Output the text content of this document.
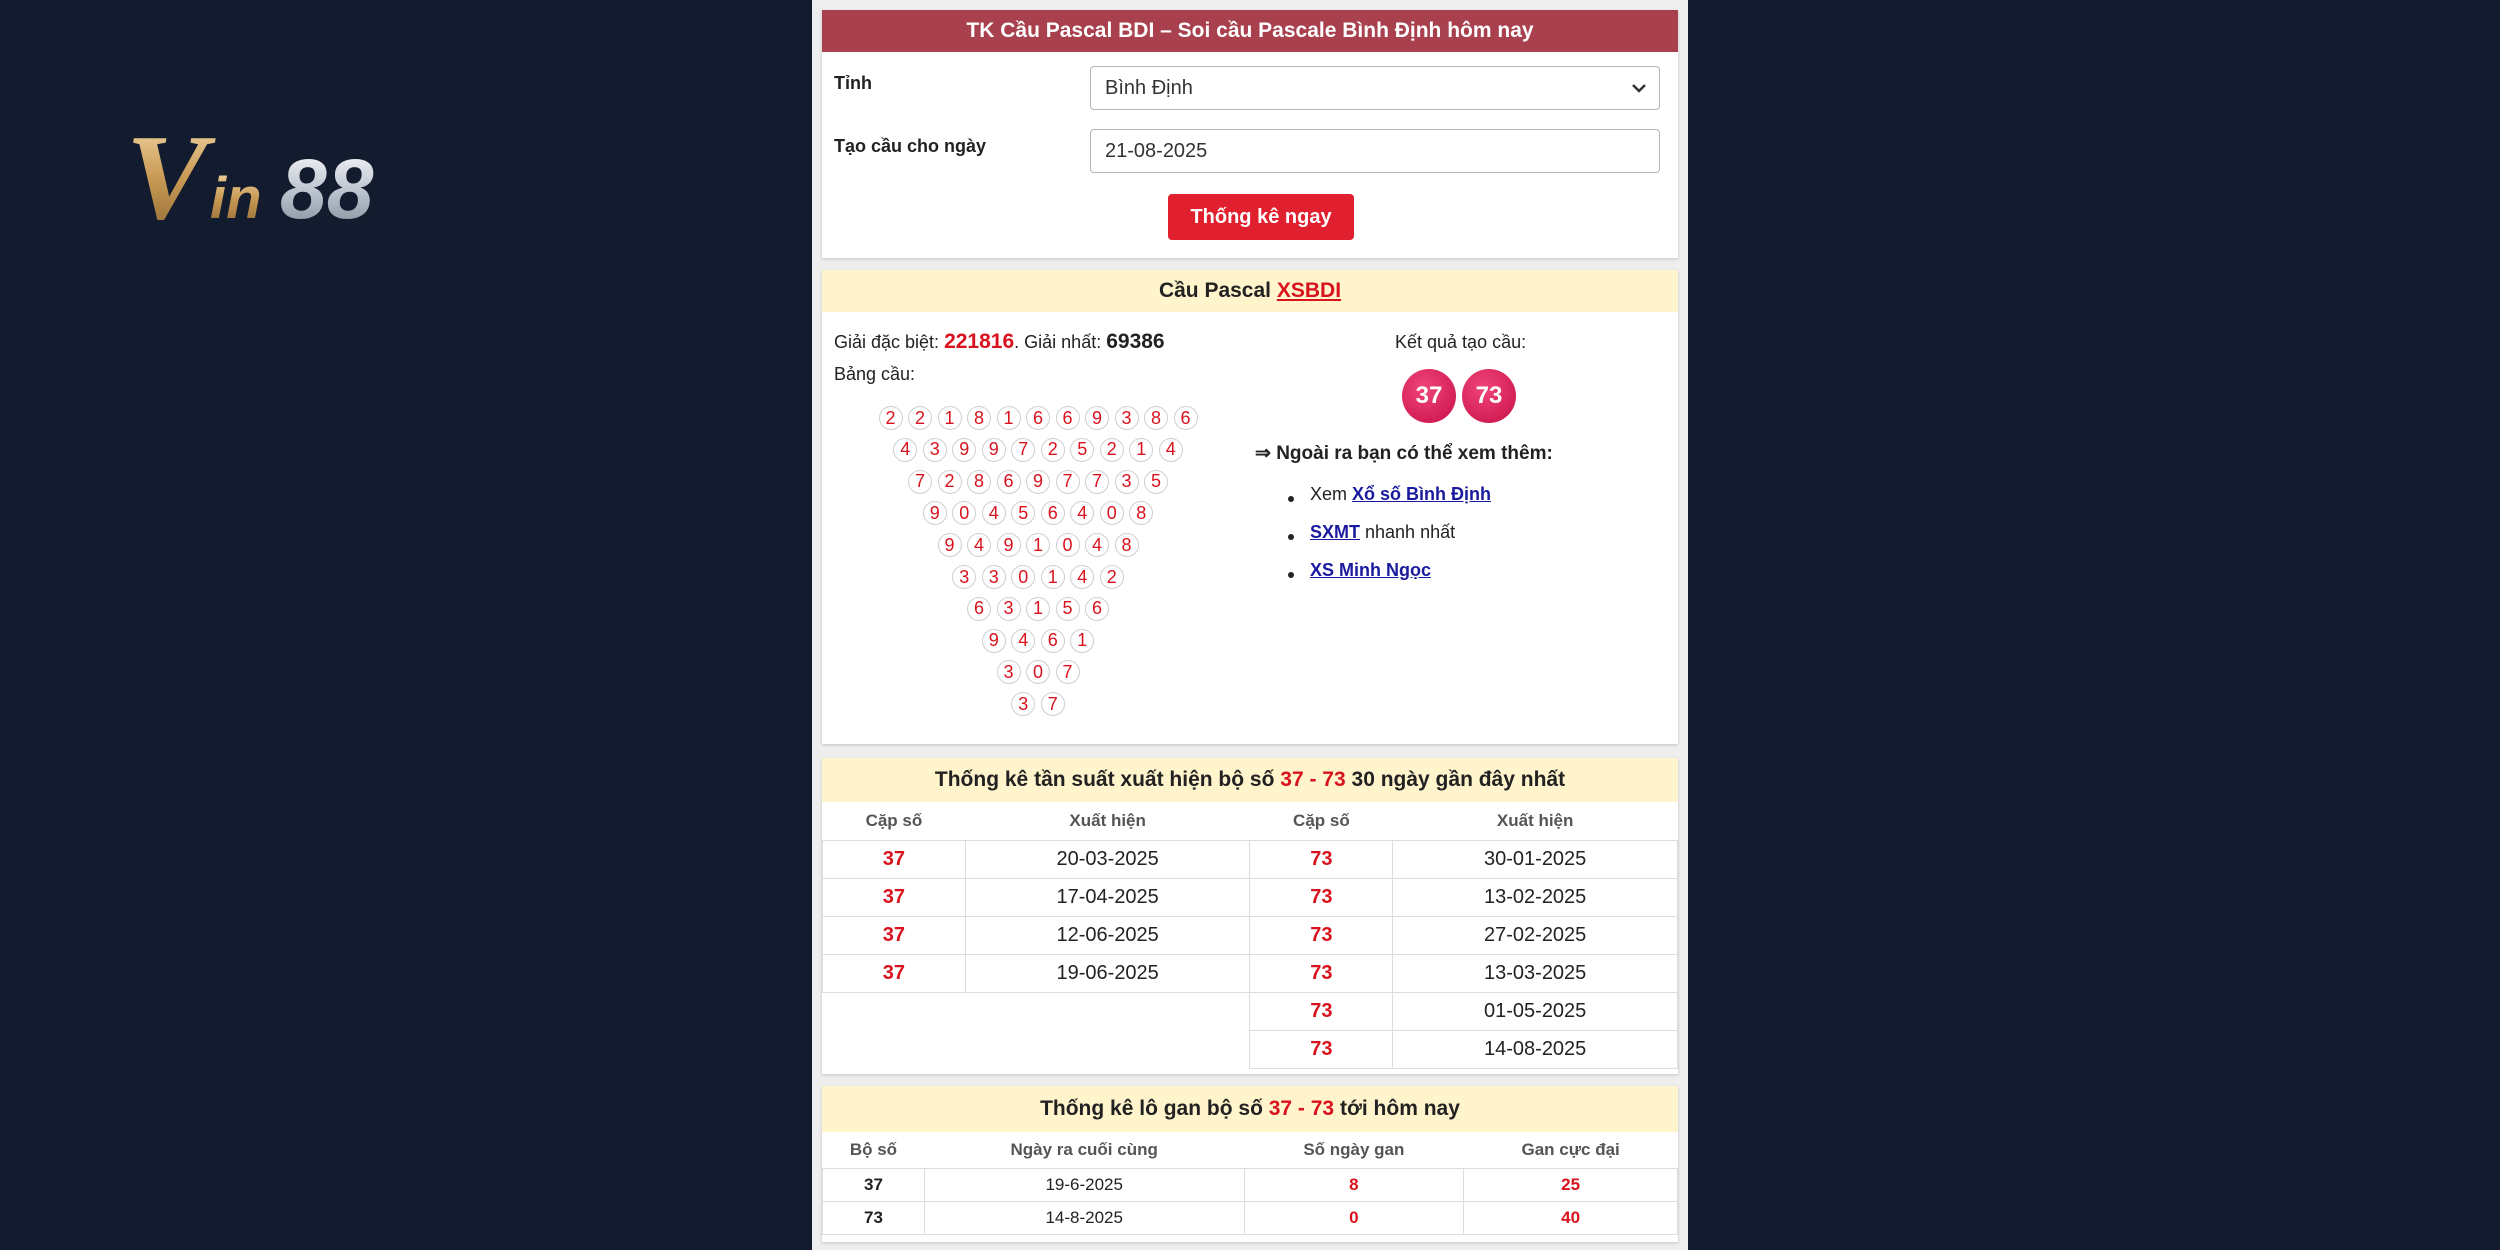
V in 88
TK Cầu Pascal BDI – Soi cầu Pascale Bình Định hôm nay
Tỉnh	Bình Định
Tạo cầu cho ngày	21-08-2025
Thống kê ngay
Cầu Pascal
XSBDI
Giải đặc biệt: 221816. Giải nhất: 69386
Bảng cầu:
2	2	1	8	1	6	6	9	3	8	6
4	3	9	9	7	2	5	2	1	4
7	2	8	6	9	7	7	3	5
9	0	4	5	6	4	0	8
9	4	9	1	0	4	8
3	3	0	1	4	2
6	3	1	5	6
9	4	6	1
3	0	7
3	7
Kết quả tạo cầu:
37	73
⇒ Ngoài ra bạn có thể xem thêm:
Xem Xổ số Bình Định
SXMT nhanh nhất
XS Minh Ngọc
Thống kê tần suất xuất hiện bộ số
37 - 73
30 ngày gần đây nhất
Cặp số	Xuất hiện	Cặp số	Xuất hiện
37	20-03-2025	73	30-01-2025
37	17-04-2025	73	13-02-2025
37	12-06-2025	73	27-02-2025
37	19-06-2025	73	13-03-2025
		73	01-05-2025
		73	14-08-2025
Thống kê lô gan bộ số
37 - 73
tới hôm nay
Bộ số	Ngày ra cuối cùng	Số ngày gan	Gan cực đại
37	19-6-2025	8	25
73	14-8-2025	0	40
